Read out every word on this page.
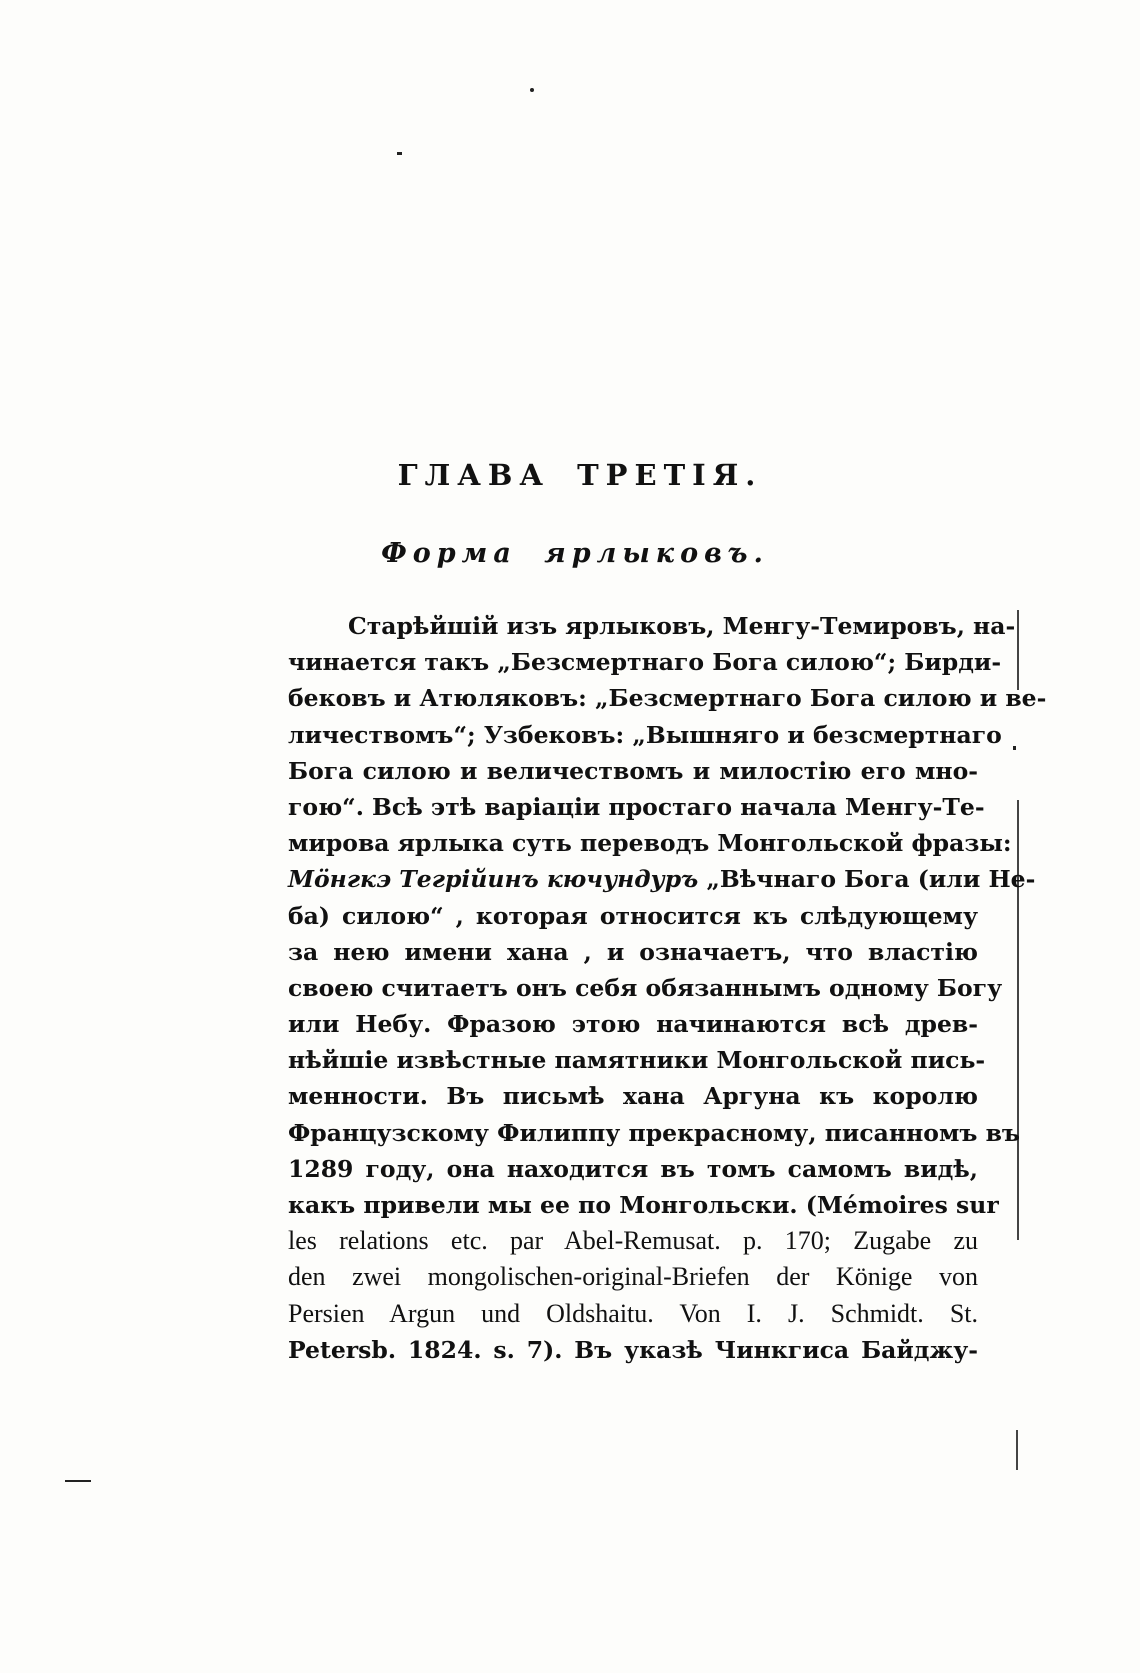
ГЛАВА ТРЕТІЯ.
Форма ярлыковъ.
Старѣйшій изъ ярлыковъ, Менгу-Темировъ, на-
чинается такъ „Безсмертнаго Бога силою“; Бирди-
бековъ и Атюляковъ: „Безсмертнаго Бога силою и ве-
личествомъ“; Узбековъ: „Вышняго и безсмертнаго
Бога силою и величествомъ и милостію его мно-
гою“. Всѣ этѣ варіаціи простаго начала Менгу-Те-
мирова ярлыка суть переводъ Монгольской фразы:
Мöнгкэ Тегрійинъ кючундуръ „Вѣчнаго Бога (или Не-
ба) силою“ , которая относится къ слѣдующему
за нею имени хана , и означаетъ, что властію
своею считаетъ онъ себя обязаннымъ одному Богу
или Небу. Фразою этою начинаются всѣ древ-
нѣйшіе извѣстные памятники Монгольской пись-
менности. Въ письмѣ хана Аргуна къ королю
Французскому Филиппу прекрасному, писанномъ въ
1289 году, она находится въ томъ самомъ видѣ,
какъ привели мы ее по Монгольски. (Mémoires sur
les relations etc. par Abel-Remusat. p. 170; Zugabe zu
den zwei mongolischen-original-Briefen der Könige von
Persien Argun und Oldshaitu. Von I. J. Schmidt. St.
Petersb. 1824. s. 7). Въ указѣ Чинкгиса Байджу-
